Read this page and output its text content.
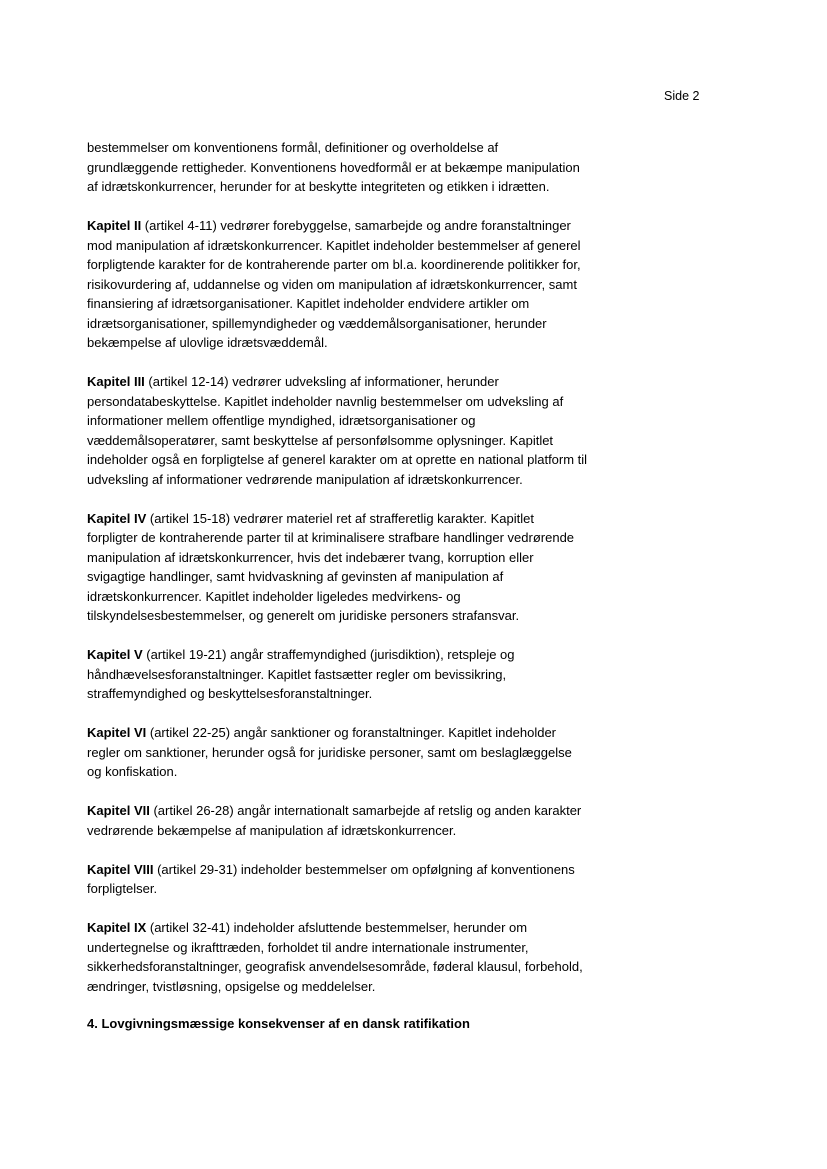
Side 2

bestemmelser om konventionens formål, definitioner og overholdelse af
grundlæggende rettigheder. Konventionens hovedformål er at bekæmpe manipulation
af idrætskonkurrencer, herunder for at beskytte integriteten og etikken i idrætten.

Kapitel II (artikel 4-11) vedrører forebyggelse, samarbejde og andre foranstaltninger
mod manipulation af idrætskonkurrencer. Kapitlet indeholder bestemmelser af generel
forpligtende karakter for de kontraherende parter om bl.a. koordinerende politikker for,
risikovurdering af, uddannelse og viden om manipulation af idrætskonkurrencer, samt
finansiering af idrætsorganisationer. Kapitlet indeholder endvidere artikler om
idrætsorganisationer, spillemyndigheder og væddemålsorganisationer, herunder
bekæmpelse af ulovlige idrætsvæddemål.

Kapitel III (artikel 12-14) vedrører udveksling af informationer, herunder
persondatabeskyttelse. Kapitlet indeholder navnlig bestemmelser om udveksling af
informationer mellem offentlige myndighed, idrætsorganisationer og
væddemålsoperatører, samt beskyttelse af personfølsomme oplysninger. Kapitlet
indeholder også en forpligtelse af generel karakter om at oprette en national platform til
udveksling af informationer vedrørende manipulation af idrætskonkurrencer.

Kapitel IV (artikel 15-18) vedrører materiel ret af strafferetlig karakter. Kapitlet
forpligter de kontraherende parter til at kriminalisere strafbare handlinger vedrørende
manipulation af idrætskonkurrencer, hvis det indebærer tvang, korruption eller
svigagtige handlinger, samt hvidvaskning af gevinsten af manipulation af
idrætskonkurrencer. Kapitlet indeholder ligeledes medvirkens- og
tilskyndelsesbestemmelser, og generelt om juridiske personers strafansvar.

Kapitel V (artikel 19-21) angår straffemyndighed (jurisdiktion), retspleje og
håndhævelsesforanstaltninger. Kapitlet fastsætter regler om bevissikring,
straffemyndighed og beskyttelsesforanstaltninger.

Kapitel VI (artikel 22-25) angår sanktioner og foranstaltninger. Kapitlet indeholder
regler om sanktioner, herunder også for juridiske personer, samt om beslaglæggelse
og konfiskation.

Kapitel VII (artikel 26-28) angår internationalt samarbejde af retslig og anden karakter
vedrørende bekæmpelse af manipulation af idrætskonkurrencer.

Kapitel VIII (artikel 29-31) indeholder bestemmelser om opfølgning af konventionens
forpligtelser.

Kapitel IX (artikel 32-41) indeholder afsluttende bestemmelser, herunder om
undertegnelse og ikrafttræden, forholdet til andre internationale instrumenter,
sikkerhedsforanstaltninger, geografisk anvendelsesområde, føderal klausul, forbehold,
ændringer, tvistløsning, opsigelse og meddelelser.

4. Lovgivningsmæssige konsekvenser af en dansk ratifikation
